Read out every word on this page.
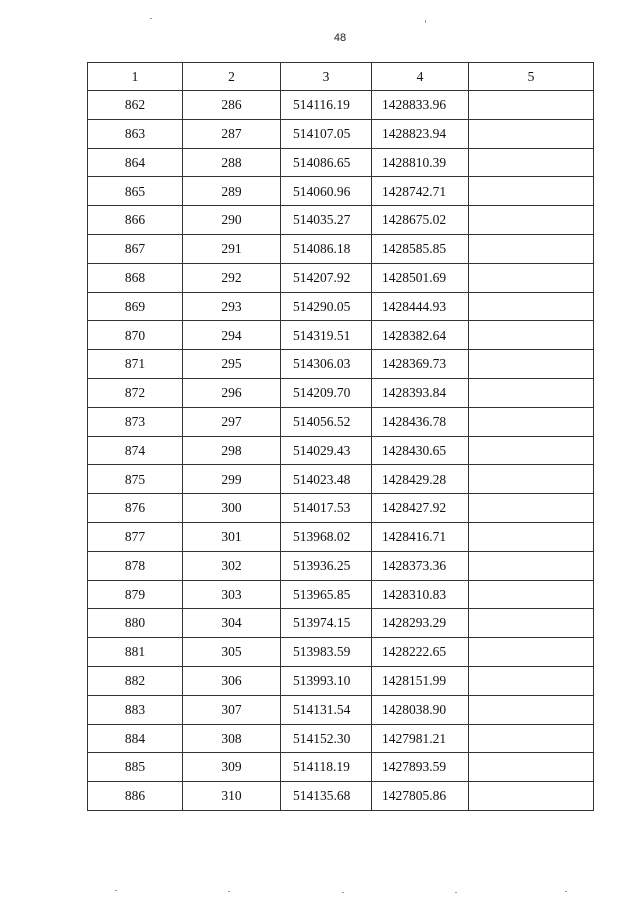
48
1	2	3	4	5
862	286	514116.19	1428833.96	
863	287	514107.05	1428823.94	
864	288	514086.65	1428810.39	
865	289	514060.96	1428742.71	
866	290	514035.27	1428675.02	
867	291	514086.18	1428585.85	
868	292	514207.92	1428501.69	
869	293	514290.05	1428444.93	
870	294	514319.51	1428382.64	
871	295	514306.03	1428369.73	
872	296	514209.70	1428393.84	
873	297	514056.52	1428436.78	
874	298	514029.43	1428430.65	
875	299	514023.48	1428429.28	
876	300	514017.53	1428427.92	
877	301	513968.02	1428416.71	
878	302	513936.25	1428373.36	
879	303	513965.85	1428310.83	
880	304	513974.15	1428293.29	
881	305	513983.59	1428222.65	
882	306	513993.10	1428151.99	
883	307	514131.54	1428038.90	
884	308	514152.30	1427981.21	
885	309	514118.19	1427893.59	
886	310	514135.68	1427805.86	
